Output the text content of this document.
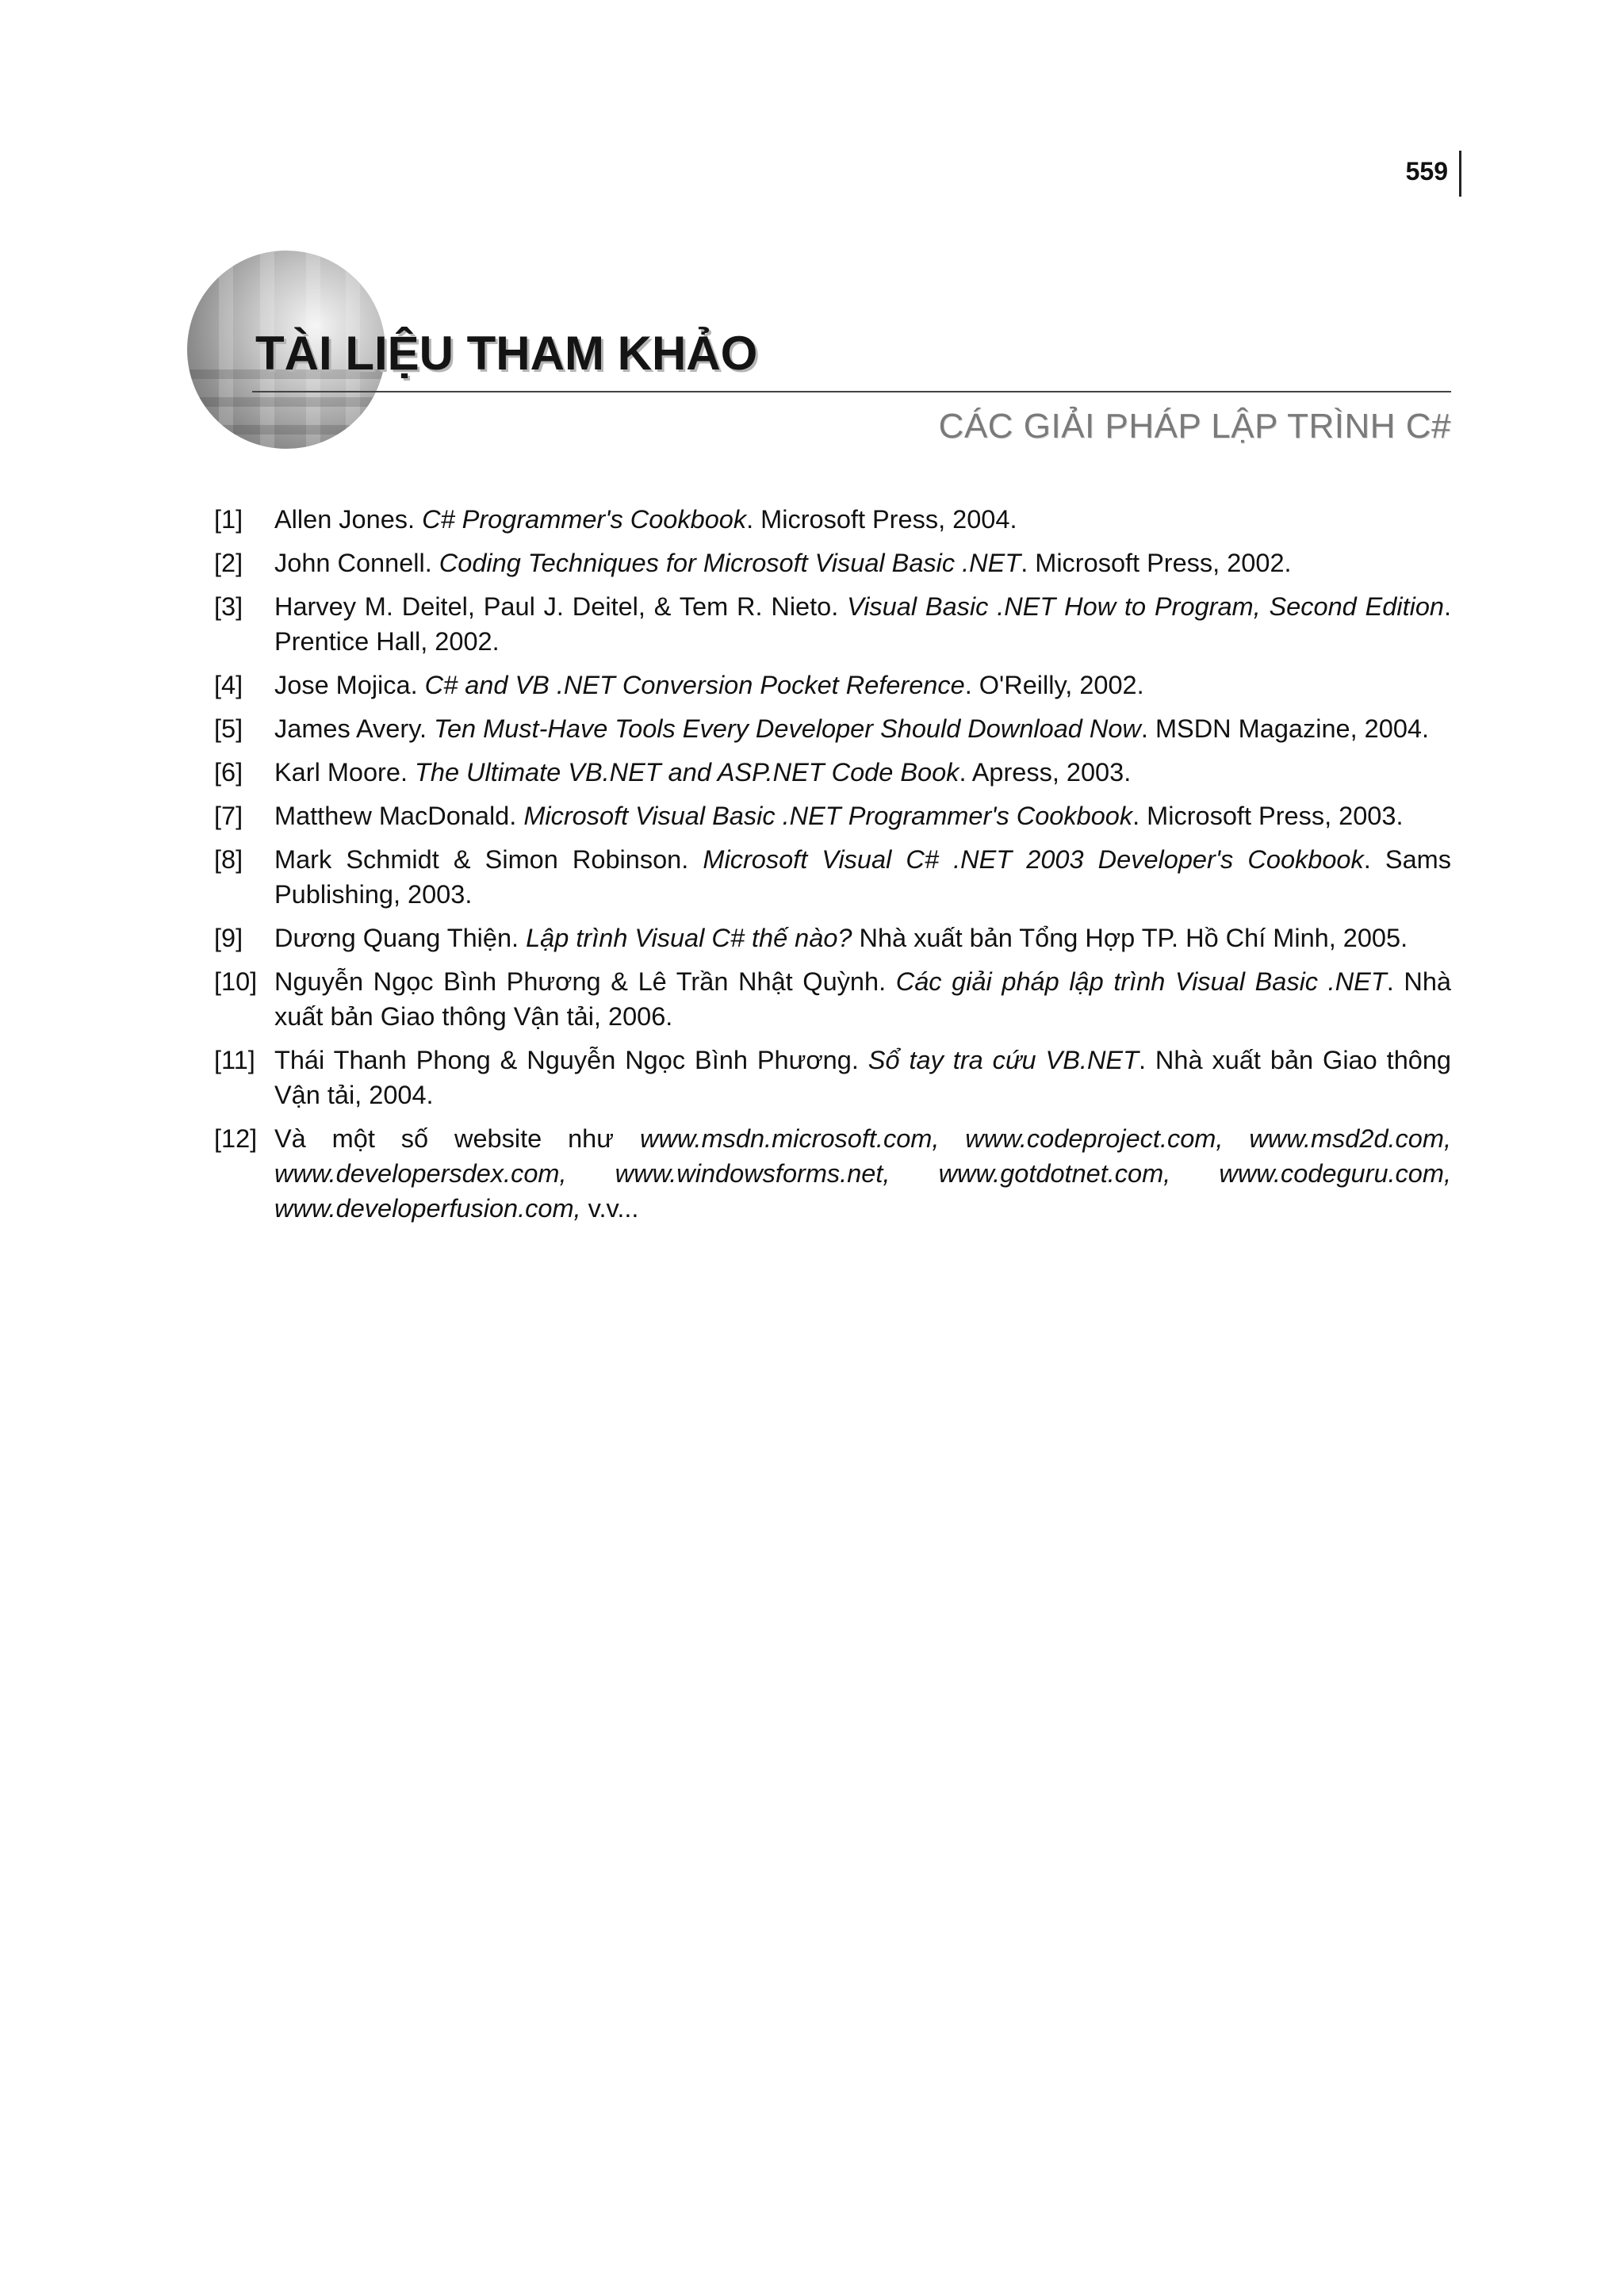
559
TÀI LIỆU THAM KHẢO
CÁC GIẢI PHÁP LẬP TRÌNH C#
[1]	Allen Jones. C# Programmer's Cookbook. Microsoft Press, 2004.
[2]	John Connell. Coding Techniques for Microsoft Visual Basic .NET. Microsoft Press, 2002.
[3]	Harvey M. Deitel, Paul J. Deitel, & Tem R. Nieto. Visual Basic .NET How to Program, Second Edition. Prentice Hall, 2002.
[4]	Jose Mojica. C# and VB .NET Conversion Pocket Reference. O'Reilly, 2002.
[5]	James Avery. Ten Must-Have Tools Every Developer Should Download Now. MSDN Magazine, 2004.
[6]	Karl Moore. The Ultimate VB.NET and ASP.NET Code Book. Apress, 2003.
[7]	Matthew MacDonald. Microsoft Visual Basic .NET Programmer's Cookbook. Microsoft Press, 2003.
[8]	Mark Schmidt & Simon Robinson. Microsoft Visual C# .NET 2003 Developer's Cookbook. Sams Publishing, 2003.
[9]	Dương Quang Thiện. Lập trình Visual C# thế nào? Nhà xuất bản Tổng Hợp TP. Hồ Chí Minh, 2005.
[10] Nguyễn Ngọc Bình Phương & Lê Trần Nhật Quỳnh. Các giải pháp lập trình Visual Basic .NET. Nhà xuất bản Giao thông Vận tải, 2006.
[11] Thái Thanh Phong & Nguyễn Ngọc Bình Phương. Sổ tay tra cứu VB.NET. Nhà xuất bản Giao thông Vận tải, 2004.
[12] Và một số website như www.msdn.microsoft.com, www.codeproject.com, www.msd2d.com, www.developersdex.com, www.windowsforms.net, www.gotdotnet.com, www.codeguru.com, www.developerfusion.com, v.v...
